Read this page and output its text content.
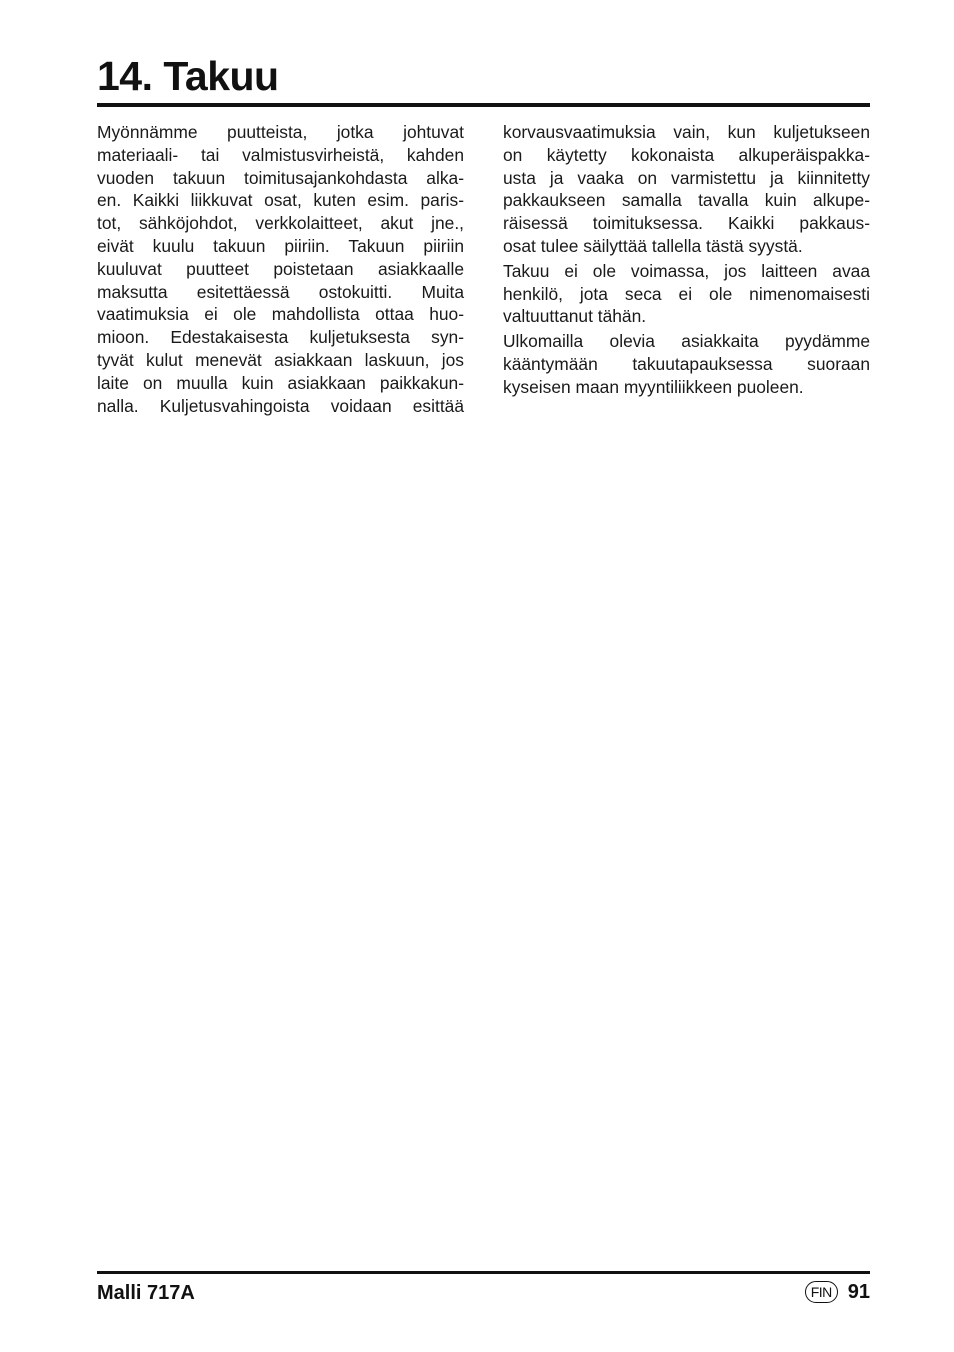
14. Takuu
Myönnämme puutteista, jotka johtuvat
materiaali- tai valmistusvirheistä, kahden
vuoden takuun toimitusajankohdasta alka-
en. Kaikki liikkuvat osat, kuten esim. paris-
tot, sähköjohdot, verkkolaitteet, akut jne.,
eivät kuulu takuun piiriin. Takuun piiriin
kuuluvat puutteet poistetaan asiakkaalle
maksutta esitettäessä ostokuitti. Muita
vaatimuksia ei ole mahdollista ottaa huo-
mioon. Edestakaisesta kuljetuksesta syn-
tyvät kulut menevät asiakkaan laskuun, jos
laite on muulla kuin asiakkaan paikkakun-
nalla. Kuljetusvahingoista voidaan esittää
korvausvaatimuksia vain, kun kuljetukseen
on käytetty kokonaista alkuperäispakka-
usta ja vaaka on varmistettu ja kiinnitetty
pakkaukseen samalla tavalla kuin alkupe-
räisessä toimituksessa. Kaikki pakkaus-
osat tulee säilyttää tallella tästä syystä.
Takuu ei ole voimassa, jos laitteen avaa
henkilö, jota seca ei ole nimenomaisesti
valtuuttanut tähän.
Ulkomailla olevia asiakkaita pyydämme
kääntymään takuutapauksessa suoraan
kyseisen maan myyntiliikkeen puoleen.
Malli 717A	FIN 91
